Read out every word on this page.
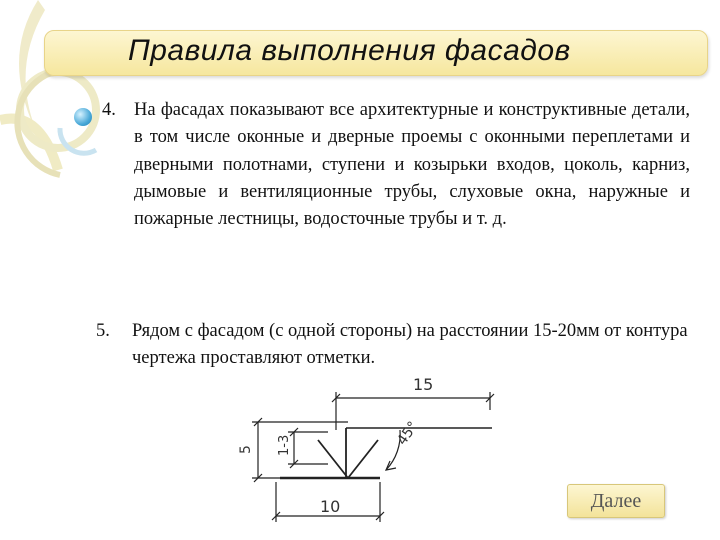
Правила выполнения фасадов
4. На фасадах показывают все архитектурные и конструктивные детали, в том числе оконные и дверные проемы с оконными переплетами и дверными полотнами, ступени и козырьки входов, цоколь, карниз, дымовые и вентиляционные трубы, слуховые окна, наружные и пожарные лестницы, водосточные трубы и т. д.
5. Рядом с фасадом (с одной стороны) на расстоянии 15-20мм от контура чертежа проставляют отметки.
15
10
5 1-3	45°
Далее
